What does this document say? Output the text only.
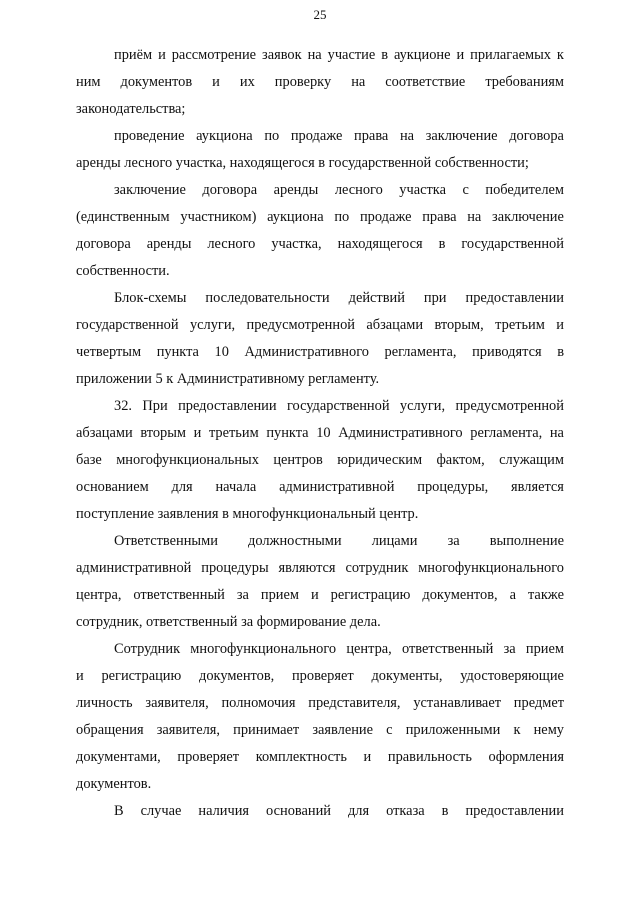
25
приём и рассмотрение заявок на участие в аукционе и прилагаемых к
ним документов и их проверку на соответствие требованиям
законодательства;
проведение аукциона по продаже права на заключение договора
аренды лесного участка, находящегося в государственной собственности;
заключение договора аренды лесного участка с победителем
(единственным участником) аукциона по продаже права на заключение
договора аренды лесного участка, находящегося в государственной
собственности.
Блок-схемы последовательности действий при предоставлении
государственной услуги, предусмотренной абзацами вторым, третьим и
четвертым пункта 10 Административного регламента, приводятся в
приложении 5 к Административному регламенту.
32. При предоставлении государственной услуги, предусмотренной
абзацами вторым и третьим пункта 10 Административного регламента, на
базе многофункциональных центров юридическим фактом, служащим
основанием для начала административной процедуры, является
поступление заявления в многофункциональный центр.
Ответственными должностными лицами за выполнение
административной процедуры являются сотрудник многофункционального
центра, ответственный за прием и регистрацию документов, а также
сотрудник, ответственный за формирование дела.
Сотрудник многофункционального центра, ответственный за прием
и регистрацию документов, проверяет документы, удостоверяющие
личность заявителя, полномочия представителя, устанавливает предмет
обращения заявителя, принимает заявление с приложенными к нему
документами, проверяет комплектность и правильность оформления
документов.
В случае наличия оснований для отказа в предоставлении
